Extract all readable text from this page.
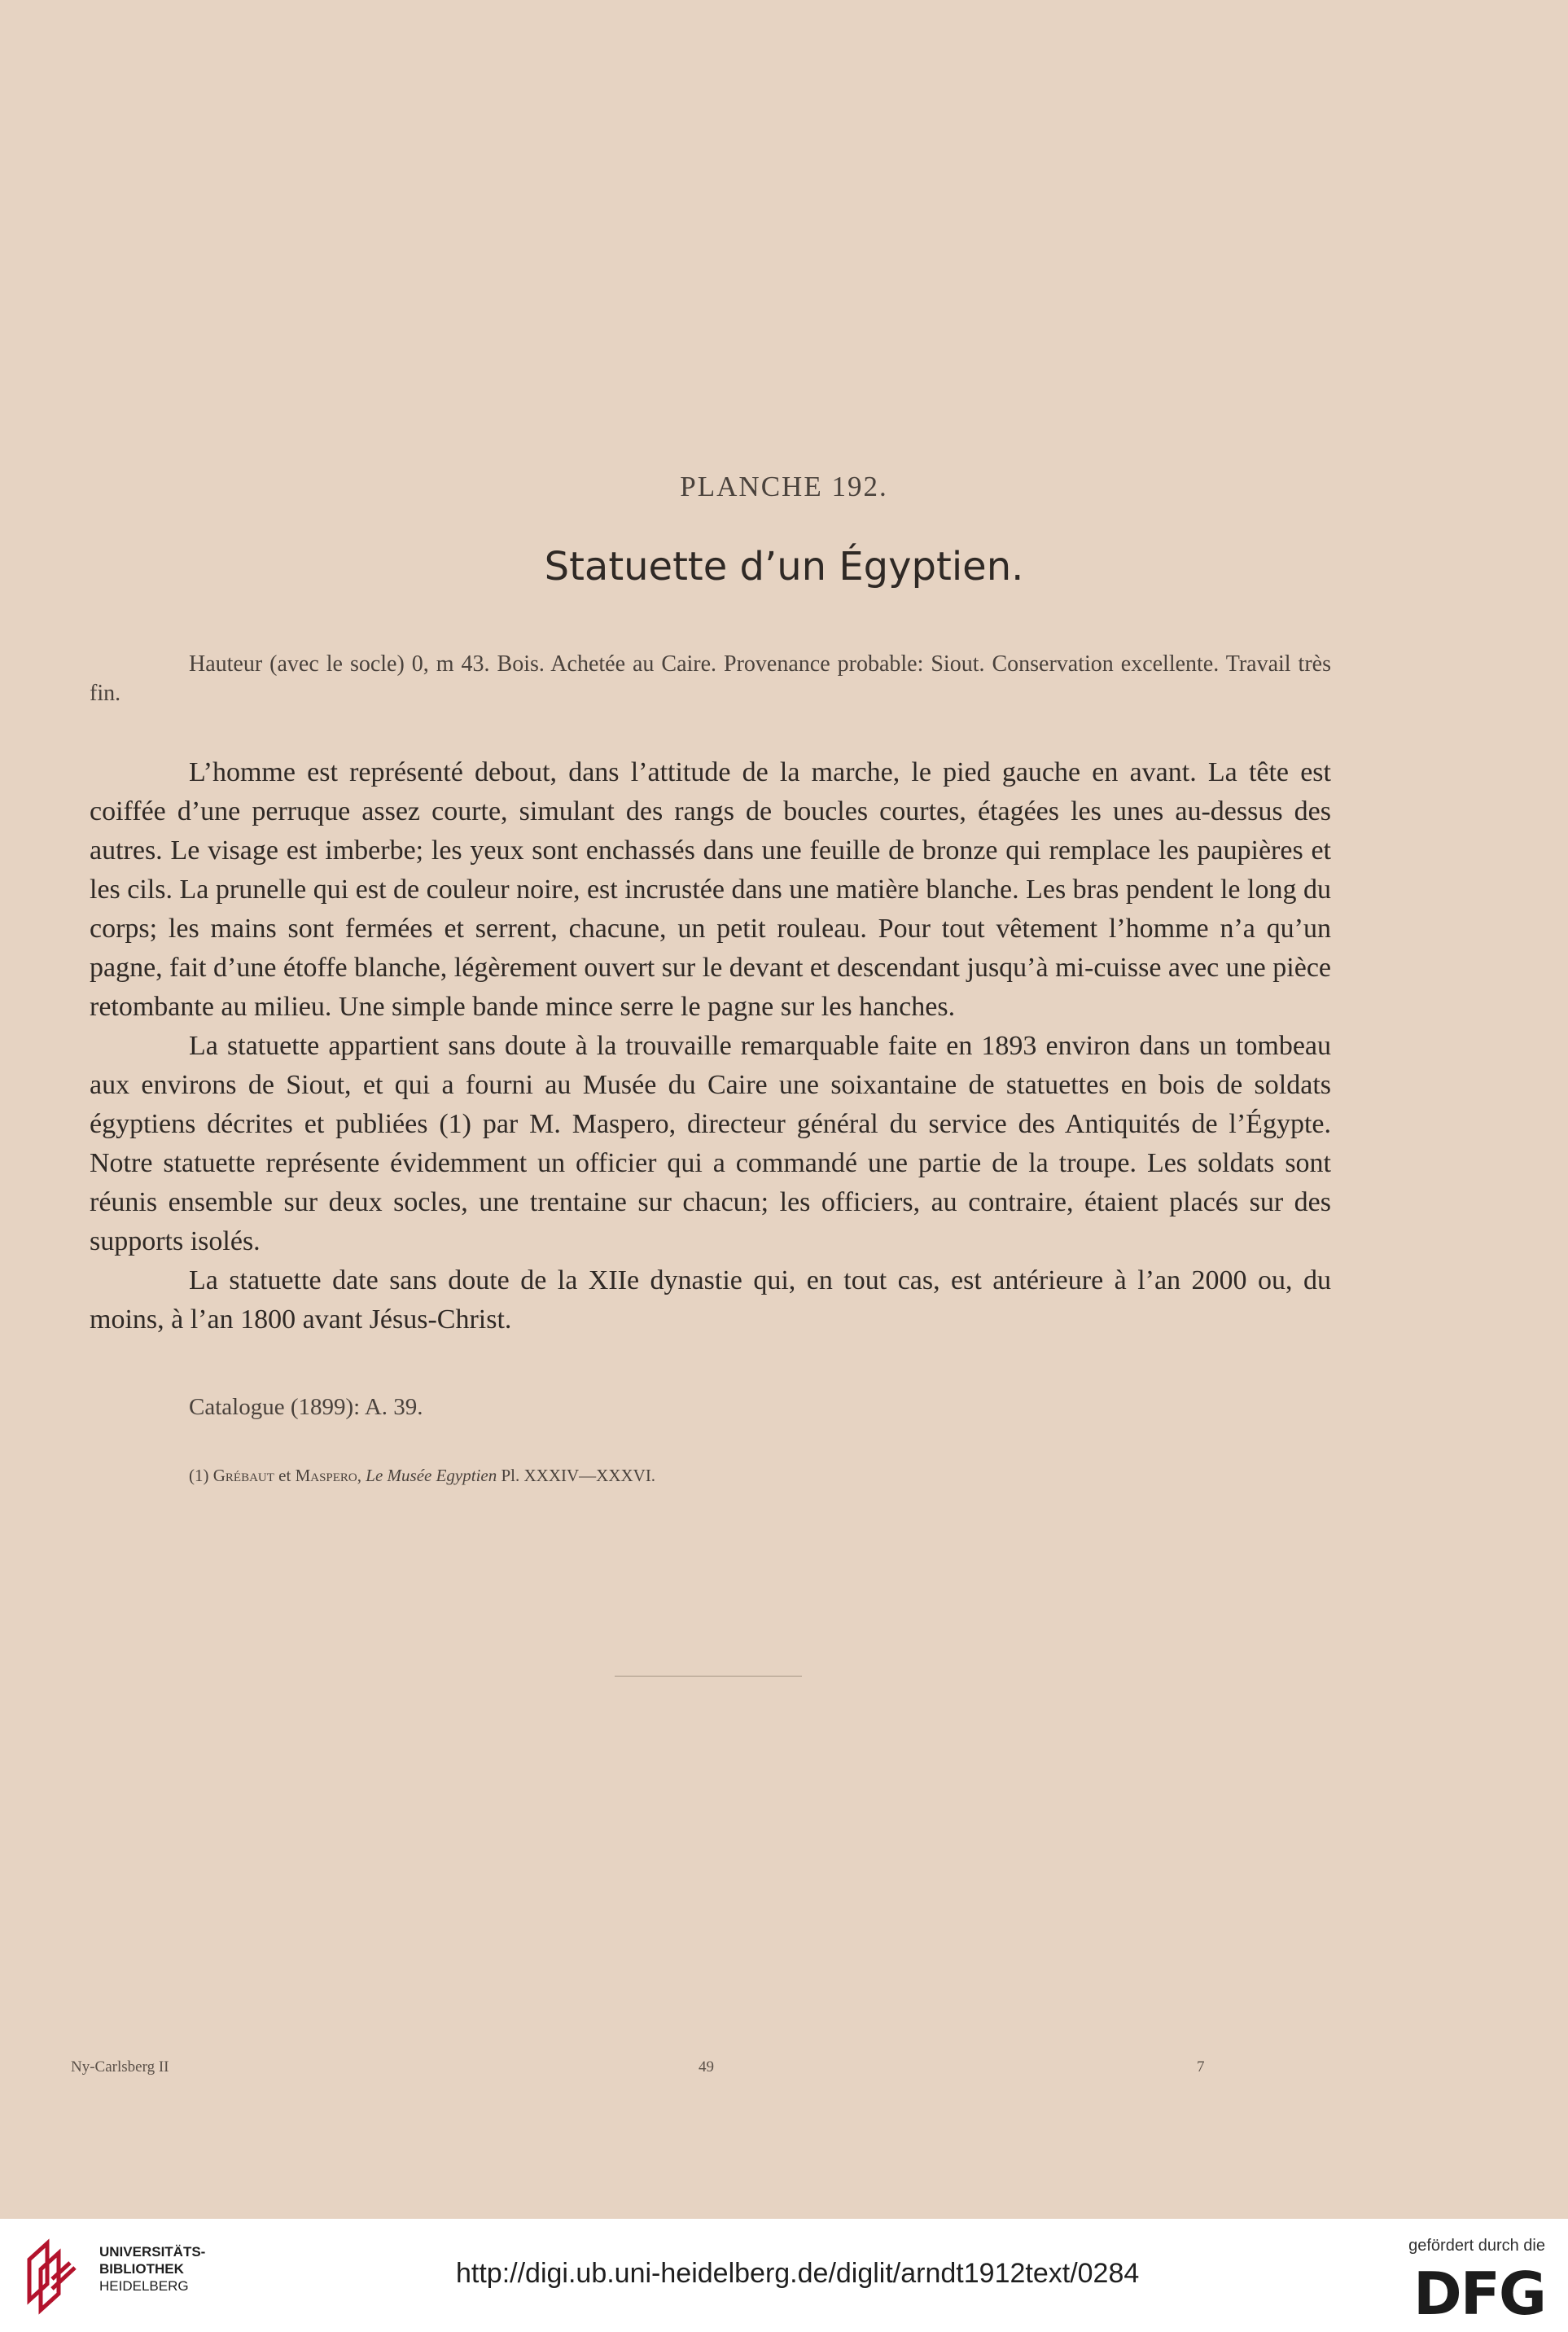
PLANCHE 192.
Statuette d’un Égyptien.

Hauteur (avec le socle) 0, m 43. Bois. Achetée au Caire. Provenance probable: Siout. Conservation excellente. Travail très fin.

L’homme est représenté debout, dans l’attitude de la marche, le pied gauche en avant. La tête est coiffée d’une perruque assez courte, simulant des rangs de boucles courtes, étagées les unes au-dessus des autres. Le visage est imberbe; les yeux sont enchassés dans une feuille de bronze qui remplace les paupières et les cils. La prunelle qui est de couleur noire, est incrustée dans une matière blanche. Les bras pendent le long du corps; les mains sont fermées et serrent, chacune, un petit rouleau. Pour tout vêtement l’homme n’a qu’un pagne, fait d’une étoffe blanche, légèrement ouvert sur le devant et descendant jusqu’à mi-cuisse avec une pièce retombante au milieu. Une simple bande mince serre le pagne sur les hanches.

La statuette appartient sans doute à la trouvaille remarquable faite en 1893 environ dans un tombeau aux environs de Siout, et qui a fourni au Musée du Caire une soixantaine de statuettes en bois de soldats égyptiens décrites et publiées (1) par M. Maspero, directeur général du service des Antiquités de l’Égypte. Notre statuette représente évidemment un officier qui a commandé une partie de la troupe. Les soldats sont réunis ensemble sur deux socles, une trentaine sur chacun; les officiers, au contraire, étaient placés sur des supports isolés.

La statuette date sans doute de la XIIe dynastie qui, en tout cas, est antérieure à l’an 2000 ou, du moins, à l’an 1800 avant Jésus-Christ.

Catalogue (1899): A. 39.
(1) Grébaut et Maspero, Le Musée Egyptien Pl. XXXIV—XXXVI.
Ny-Carlsberg II	49	7
UNIVERSITÄTS-
BIBLIOTHEK
HEIDELBERG	http://digi.ub.uni-heidelberg.de/diglit/arndt1912text/0284
gefördert durch die
DFG
